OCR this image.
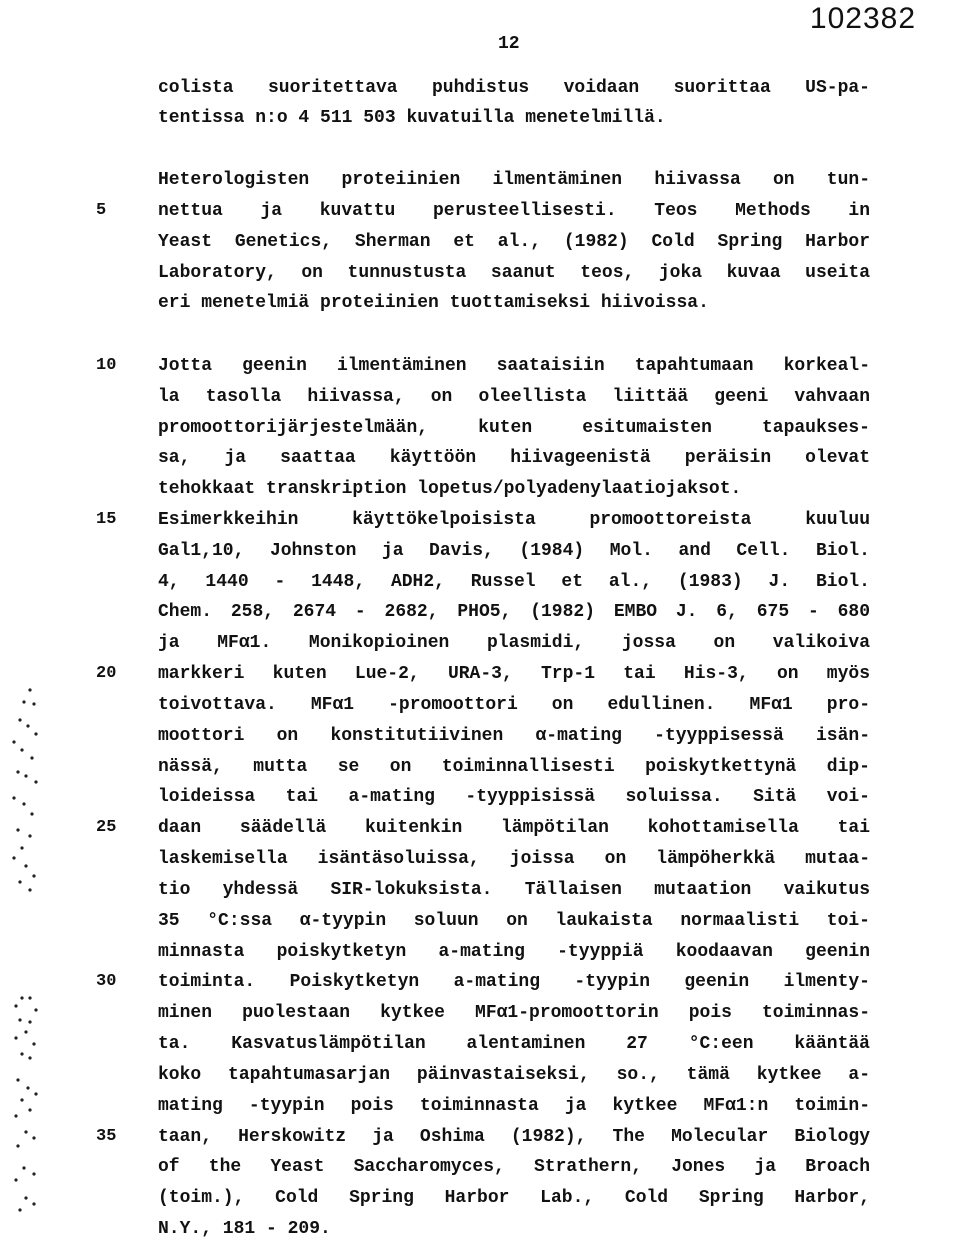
102382
12
5
10
15
20
25
30
35
colista suoritettava puhdistus voidaan suorittaa US-pa-
tentissa n:o 4 511 503 kuvatuilla menetelmillä.
Heterologisten proteiinien ilmentäminen hiivassa on tun-
nettua ja kuvattu perusteellisesti. Teos Methods in
Yeast Genetics, Sherman et al., (1982) Cold Spring Harbor
Laboratory, on tunnustusta saanut teos, joka kuvaa useita
eri menetelmiä proteiinien tuottamiseksi hiivoissa.
Jotta geenin ilmentäminen saataisiin tapahtumaan korkeal-
la tasolla hiivassa, on oleellista liittää geeni vahvaan
promoottorijärjestelmään, kuten esitumaisten tapaukses-
sa, ja saattaa käyttöön hiivageenistä peräisin olevat
tehokkaat transkription lopetus/polyadenylaatiojaksot.
Esimerkkeihin käyttökelpoisista promoottoreista kuuluu
Gal1,10, Johnston ja Davis, (1984) Mol. and Cell. Biol.
4, 1440 - 1448, ADH2, Russel et al., (1983) J. Biol.
Chem. 258, 2674 - 2682, PHO5, (1982) EMBO J. 6, 675 - 680
ja MFα1. Monikopioinen plasmidi, jossa on valikoiva
markkeri kuten Lue-2, URA-3, Trp-1 tai His-3, on myös
toivottava. MFα1 -promoottori on edullinen. MFα1 pro-
moottori on konstitutiivinen α-mating -tyyppisessä isän-
nässä, mutta se on toiminnallisesti poiskytkettynä dip-
loideissa tai a-mating -tyyppisissä soluissa. Sitä voi-
daan säädellä kuitenkin lämpötilan kohottamisella tai
laskemisella isäntäsoluissa, joissa on lämpöherkkä mutaa-
tio yhdessä SIR-lokuksista. Tällaisen mutaation vaikutus
35 °C:ssa α-tyypin soluun on laukaista normaalisti toi-
minnasta poiskytketyn a-mating -tyyppiä koodaavan geenin
toiminta. Poiskytketyn a-mating -tyypin geenin ilmenty-
minen puolestaan kytkee MFα1-promoottorin pois toiminnas-
ta. Kasvatuslämpötilan alentaminen 27 °C:een kääntää
koko tapahtumasarjan päinvastaiseksi, so., tämä kytkee a-
mating -tyypin pois toiminnasta ja kytkee MFα1:n toimin-
taan, Herskowitz ja Oshima (1982), The Molecular Biology
of the Yeast Saccharomyces, Strathern, Jones ja Broach
(toim.), Cold Spring Harbor Lab., Cold Spring Harbor,
N.Y., 181 - 209.
